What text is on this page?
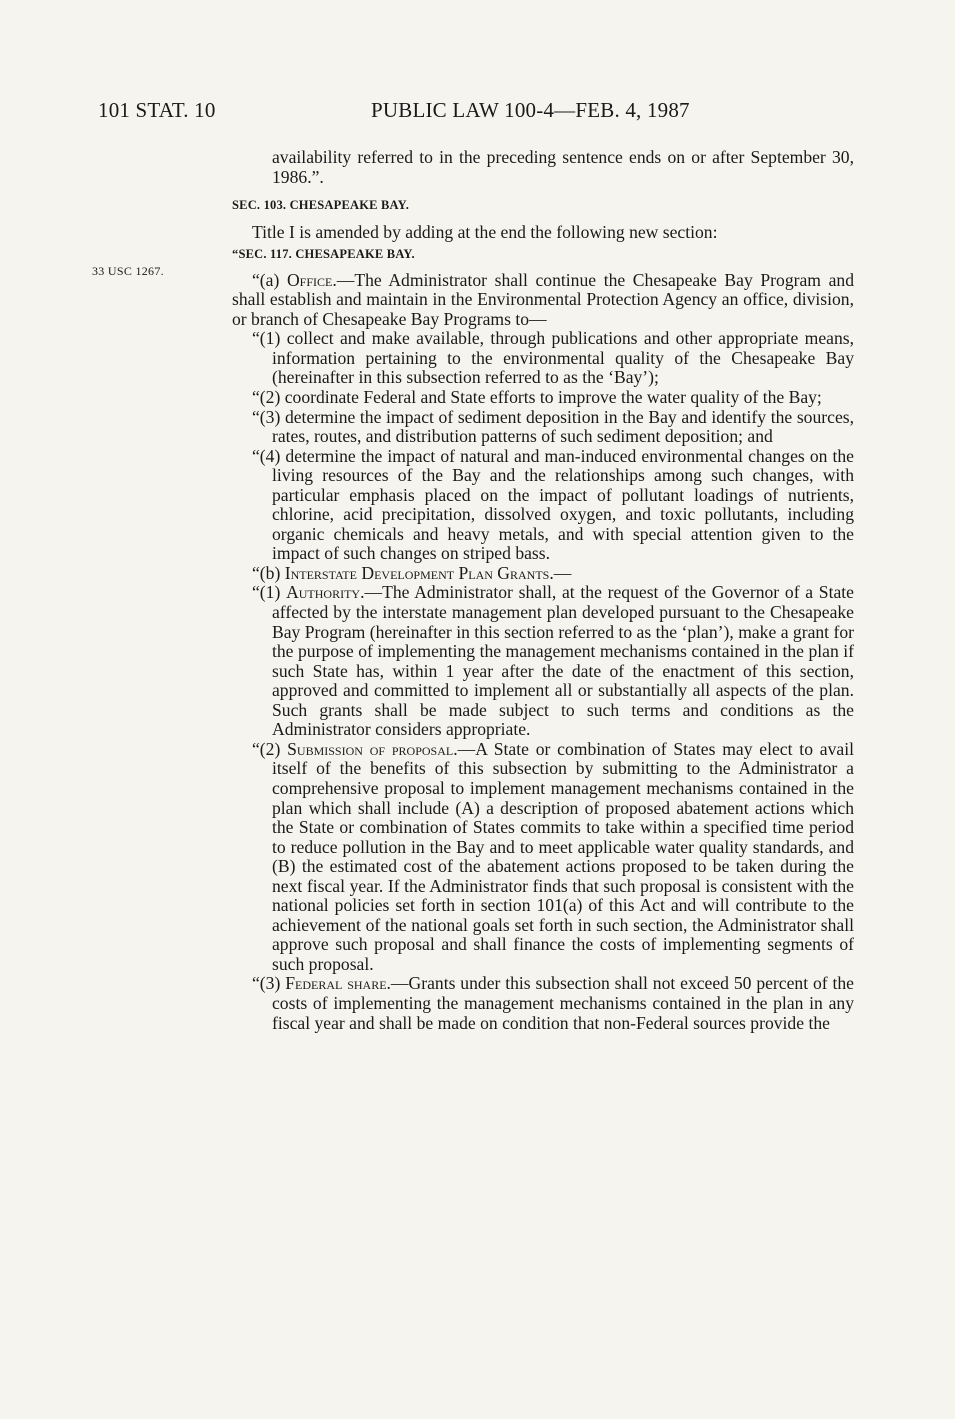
101 STAT. 10	PUBLIC LAW 100-4—FEB. 4, 1987
33 USC 1267.

availability referred to in the preceding sentence ends on or after September 30, 1986.”.

SEC. 103. CHESAPEAKE BAY.

Title I is amended by adding at the end the following new section:

“SEC. 117. CHESAPEAKE BAY.

“(a) Office.—The Administrator shall continue the Chesapeake Bay Program and shall establish and maintain in the Environmental Protection Agency an office, division, or branch of Chesapeake Bay Programs to—

“(1) collect and make available, through publications and other appropriate means, information pertaining to the environmental quality of the Chesapeake Bay (hereinafter in this subsection referred to as the ‘Bay’);

“(2) coordinate Federal and State efforts to improve the water quality of the Bay;

“(3) determine the impact of sediment deposition in the Bay and identify the sources, rates, routes, and distribution patterns of such sediment deposition; and

“(4) determine the impact of natural and man-induced environmental changes on the living resources of the Bay and the relationships among such changes, with particular emphasis placed on the impact of pollutant loadings of nutrients, chlorine, acid precipitation, dissolved oxygen, and toxic pollutants, including organic chemicals and heavy metals, and with special attention given to the impact of such changes on striped bass.

“(b) Interstate Development Plan Grants.—

“(1) Authority.—The Administrator shall, at the request of the Governor of a State affected by the interstate management plan developed pursuant to the Chesapeake Bay Program (hereinafter in this section referred to as the ‘plan’), make a grant for the purpose of implementing the management mechanisms contained in the plan if such State has, within 1 year after the date of the enactment of this section, approved and committed to implement all or substantially all aspects of the plan. Such grants shall be made subject to such terms and conditions as the Administrator considers appropriate.

“(2) Submission of proposal.—A State or combination of States may elect to avail itself of the benefits of this subsection by submitting to the Administrator a comprehensive proposal to implement management mechanisms contained in the plan which shall include (A) a description of proposed abatement actions which the State or combination of States commits to take within a specified time period to reduce pollution in the Bay and to meet applicable water quality standards, and (B) the estimated cost of the abatement actions proposed to be taken during the next fiscal year. If the Administrator finds that such proposal is consistent with the national policies set forth in section 101(a) of this Act and will contribute to the achievement of the national goals set forth in such section, the Administrator shall approve such proposal and shall finance the costs of implementing segments of such proposal.

“(3) Federal share.—Grants under this subsection shall not exceed 50 percent of the costs of implementing the management mechanisms contained in the plan in any fiscal year and shall be made on condition that non-Federal sources provide the
